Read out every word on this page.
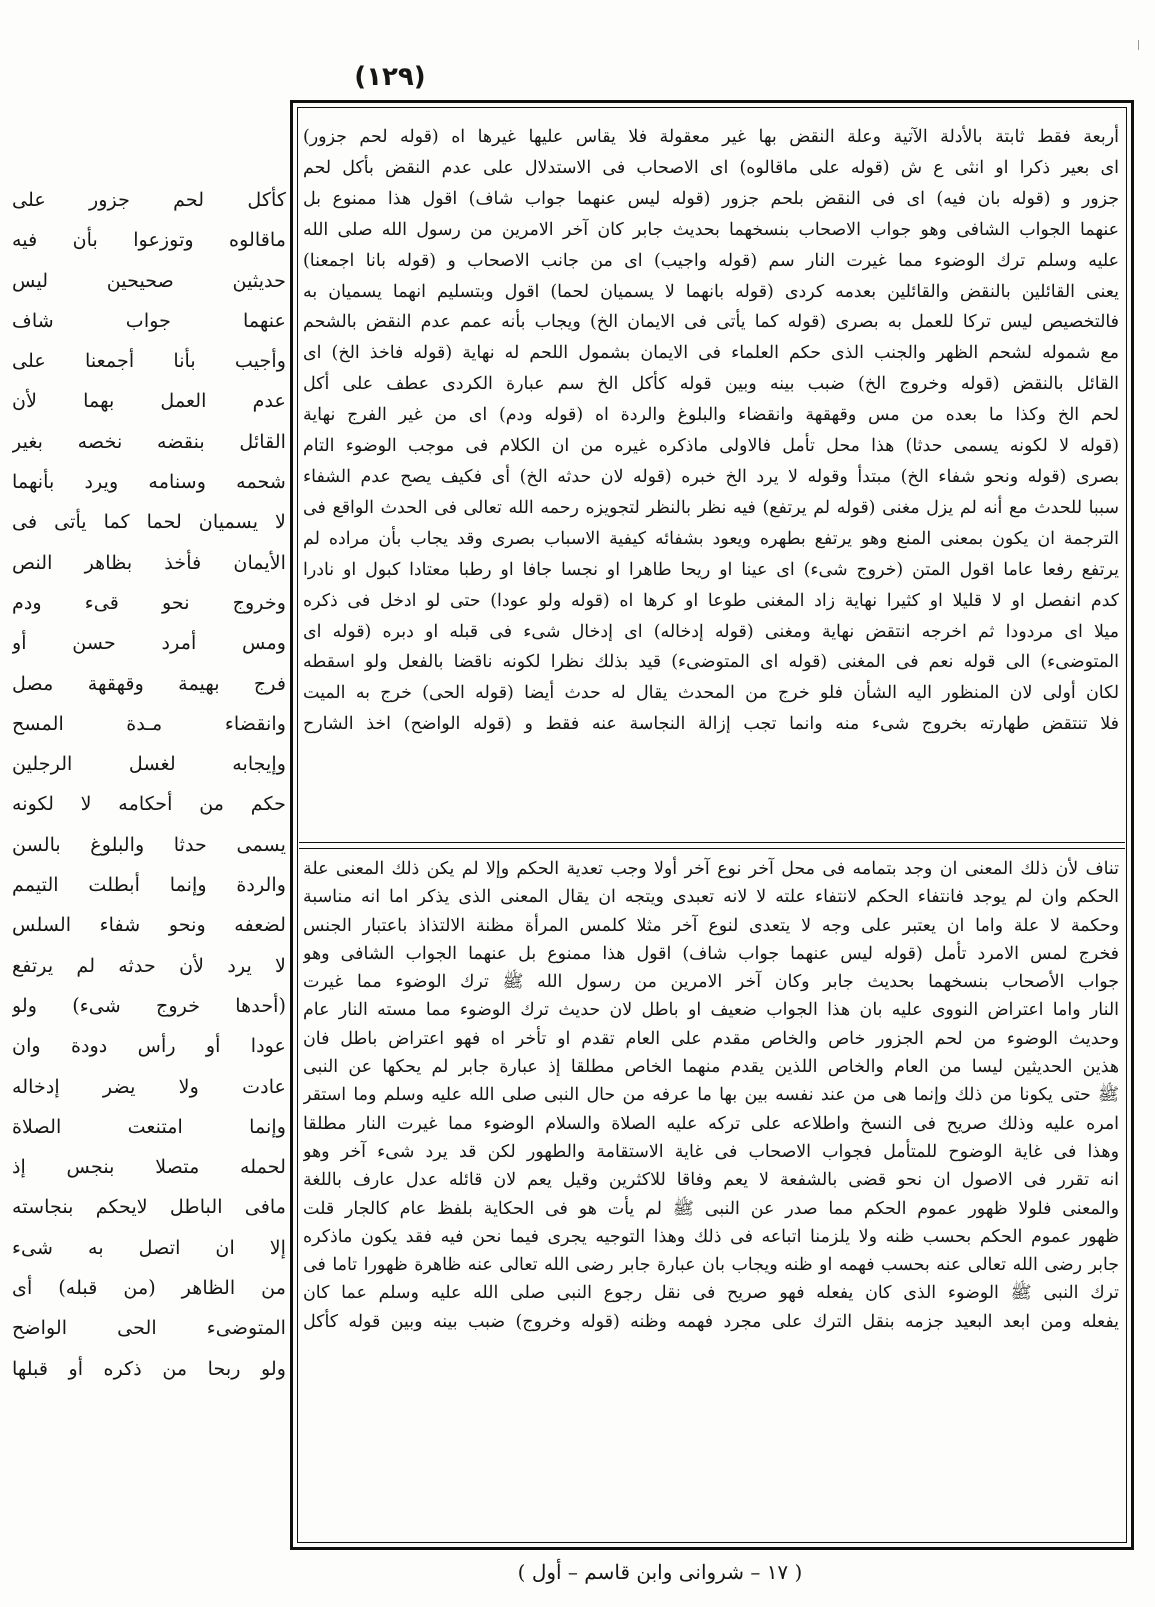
(١٢٩)
كأكل لحم جزور على
ماقالوه وتوزعوا بأن فيه
حديثين صحيحين ليس
عنهما جواب شاف
وأجيب بأنا أجمعنا على
عدم العمل بهما لأن
القائل بنقضه نخصه بغير
شحمه وسنامه ويرد بأنهما
لا يسميان لحما كما يأتى فى
الأيمان فأخذ بظاهر النص
وخروج نحو قىء ودم
ومس أمرد حسن أو
فرج بهيمة وقهقهة مصل
وانقضاء مـدة المسح
وإيجابه لغسل الرجلين
حكم من أحكامه لا لكونه
يسمى حدثا والبلوغ بالسن
والردة وإنما أبطلت التيمم
لضعفه ونحو شفاء السلس
لا يرد لأن حدثه لم يرتفع
(أحدها خروج شىء) ولو
عودا أو رأس دودة وان
عادت ولا يضر إدخاله
وإنما امتنعت الصلاة
لحمله متصلا بنجس إذ
مافى الباطل لايحكم بنجاسته
إلا ان اتصل به شىء
من الظاهر (من قبله) أى
المتوضىء الحى الواضح
ولو ربحا من ذكره أو قبلها
أربعة فقط ثابتة بالأدلة الآتية وعلة النقض بها غير معقولة فلا يقاس عليها غيرها اه (قوله لحم جزور)
اى بعير ذكرا او انثى ع ش (قوله على ماقالوه) اى الاصحاب فى الاستدلال على عدم النقض بأكل لحم
جزور و (قوله بان فيه) اى فى النقض بلحم جزور (قوله ليس عنهما جواب شاف) اقول هذا ممنوع بل
عنهما الجواب الشافى وهو جواب الاصحاب بنسخهما بحديث جابر كان آخر الامرين من رسول الله صلى الله
عليه وسلم ترك الوضوء مما غيرت النار سم (قوله واجيب) اى من جانب الاصحاب و (قوله بانا اجمعنا)
يعنى القائلين بالنقض والقائلين بعدمه كردى (قوله بانهما لا يسميان لحما) اقول وبتسليم انهما يسميان به
فالتخصيص ليس تركا للعمل به بصرى (قوله كما يأتى فى الايمان الخ) ويجاب بأنه عمم عدم النقض بالشحم
مع شموله لشحم الظهر والجنب الذى حكم العلماء فى الايمان بشمول اللحم له نهاية (قوله فاخذ الخ) اى
القائل بالنقض (قوله وخروج الخ) ضبب بينه وبين قوله كأكل الخ سم عبارة الكردى عطف على أكل
لحم الخ وكذا ما بعده من مس وقهقهة وانقضاء والبلوغ والردة اه (قوله ودم) اى من غير الفرج نهاية
(قوله لا لكونه يسمى حدثا) هذا محل تأمل فالاولى ماذكره غيره من ان الكلام فى موجب الوضوء التام
بصرى (قوله ونحو شفاء الخ) مبتدأ وقوله لا يرد الخ خبره (قوله لان حدثه الخ) أى فكيف يصح عدم الشفاء
سببا للحدث مع أنه لم يزل مغنى (قوله لم يرتفع) فيه نظر بالنظر لتجويزه رحمه الله تعالى فى الحدث الواقع فى
الترجمة ان يكون بمعنى المنع وهو يرتفع بطهره ويعود بشفائه كيفية الاسباب بصرى وقد يجاب بأن مراده لم
يرتفع رفعا عاما اقول المتن (خروج شىء) اى عينا او ريحا طاهرا او نجسا جافا او رطبا معتادا كبول او نادرا
كدم انفصل او لا قليلا او كثيرا نهاية زاد المغنى طوعا او كرها اه (قوله ولو عودا) حتى لو ادخل فى ذكره
ميلا اى مردودا ثم اخرجه انتقض نهاية ومغنى (قوله إدخاله) اى إدخال شىء فى قبله او دبره (قوله اى
المتوضىء) الى قوله نعم فى المغنى (قوله اى المتوضىء) قيد بذلك نظرا لكونه ناقضا بالفعل ولو اسقطه
لكان أولى لان المنظور اليه الشأن فلو خرج من المحدث يقال له حدث أيضا (قوله الحى) خرج به الميت
فلا تنتقض طهارته بخروج شىء منه وانما تجب إزالة النجاسة عنه فقط و (قوله الواضح) اخذ الشارح
تناف لأن ذلك المعنى ان وجد بتمامه فى محل آخر نوع آخر أولا وجب تعدية الحكم وإلا لم يكن ذلك المعنى علة
الحكم وان لم يوجد فانتفاء الحكم لانتفاء علته لا لانه تعبدى ويتجه ان يقال المعنى الذى يذكر اما انه مناسبة
وحكمة لا علة واما ان يعتبر على وجه لا يتعدى لنوع آخر مثلا كلمس المرأة مظنة الالتذاذ باعتبار الجنس
فخرج لمس الامرد تأمل (قوله ليس عنهما جواب شاف) اقول هذا ممنوع بل عنهما الجواب الشافى وهو
جواب الأصحاب بنسخهما بحديث جابر وكان آخر الامرين من رسول الله ﷺ ترك الوضوء مما غيرت
النار واما اعتراض النووى عليه بان هذا الجواب ضعيف او باطل لان حديث ترك الوضوء مما مسته النار عام
وحديث الوضوء من لحم الجزور خاص والخاص مقدم على العام تقدم او تأخر اه فهو اعتراض باطل فان
هذين الحديثين ليسا من العام والخاص اللذين يقدم منهما الخاص مطلقا إذ عبارة جابر لم يحكها عن النبى
ﷺ حتى يكونا من ذلك وإنما هى من عند نفسه بين بها ما عرفه من حال النبى صلى الله عليه وسلم وما استقر
امره عليه وذلك صريح فى النسخ واطلاعه على تركه عليه الصلاة والسلام الوضوء مما غيرت النار مطلقا
وهذا فى غاية الوضوح للمتأمل فجواب الاصحاب فى غاية الاستقامة والطهور لكن قد يرد شىء آخر وهو
انه تقرر فى الاصول ان نحو قضى بالشفعة لا يعم وفاقا للاكثرين وقيل يعم لان قائله عدل عارف باللغة
والمعنى فلولا ظهور عموم الحكم مما صدر عن النبى ﷺ لم يأت هو فى الحكاية بلفظ عام كالجار قلت
ظهور عموم الحكم بحسب ظنه ولا يلزمنا اتباعه فى ذلك وهذا التوجيه يجرى فيما نحن فيه فقد يكون ماذكره
جابر رضى الله تعالى عنه بحسب فهمه او ظنه ويجاب بان عبارة جابر رضى الله تعالى عنه ظاهرة ظهورا تاما فى
ترك النبى ﷺ الوضوء الذى كان يفعله فهو صريح فى نقل رجوع النبى صلى الله عليه وسلم عما كان
يفعله ومن ابعد البعيد جزمه بنقل الترك على مجرد فهمه وظنه (قوله وخروج) ضبب بينه وبين قوله كأكل
( ١٧ – شروانى وابن قاسم – أول )
